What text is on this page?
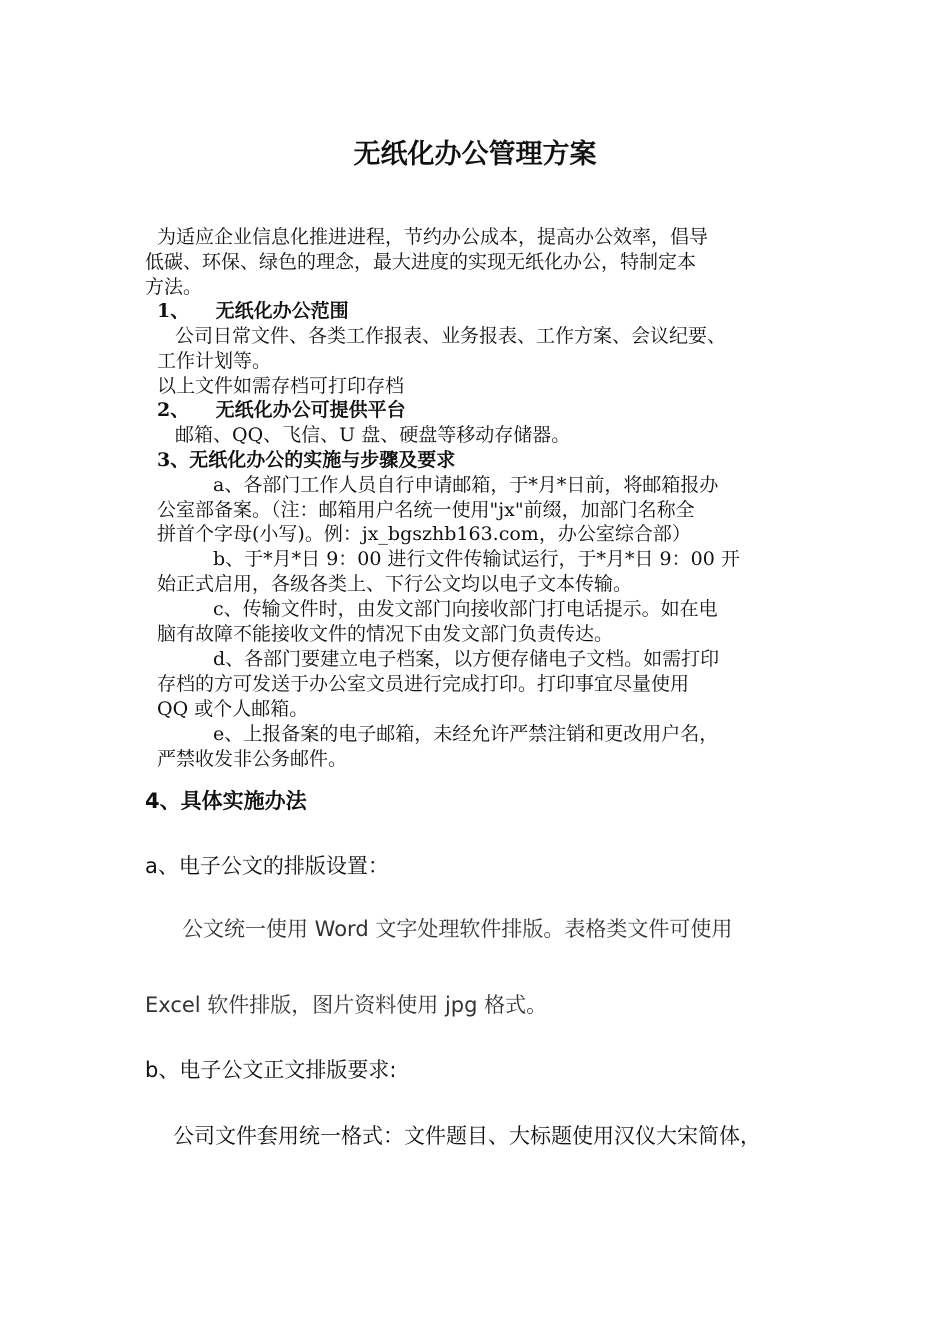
无纸化办公管理方案
为适应企业信息化推进进程，节约办公成本，提高办公效率，倡导
低碳、环保、绿色的理念，最大进度的实现无纸化办公，特制定本
方法。
1、    无纸化办公范围
公司日常文件、各类工作报表、业务报表、工作方案、会议纪要、
工作计划等。
以上文件如需存档可打印存档
2、    无纸化办公可提供平台
邮箱、QQ、飞信、U 盘、硬盘等移动存储器。
3、无纸化办公的实施与步骤及要求
a、各部门工作人员自行申请邮箱，于*月*日前，将邮箱报办
公室部备案。（注：邮箱用户名统一使用"jx"前缀，加部门名称全
拼首个字母(小写)。例：jx_bgszhb163.com，办公室综合部）
b、于*月*日 9：00 进行文件传输试运行，于*月*日 9：00 开
始正式启用，各级各类上、下行公文均以电子文本传输。
c、传输文件时，由发文部门向接收部门打电话提示。如在电
脑有故障不能接收文件的情况下由发文部门负责传达。
d、各部门要建立电子档案，以方便存储电子文档。如需打印
存档的方可发送于办公室文员进行完成打印。打印事宜尽量使用
QQ 或个人邮箱。
e、上报备案的电子邮箱，未经允许严禁注销和更改用户名，
严禁收发非公务邮件。
4、具体实施办法
a、电子公文的排版设置：
公文统一使用 Word 文字处理软件排版。表格类文件可使用
Excel 软件排版，图片资料使用 jpg 格式。
b、电子公文正文排版要求:
公司文件套用统一格式：文件题目、大标题使用汉仪大宋简体，
